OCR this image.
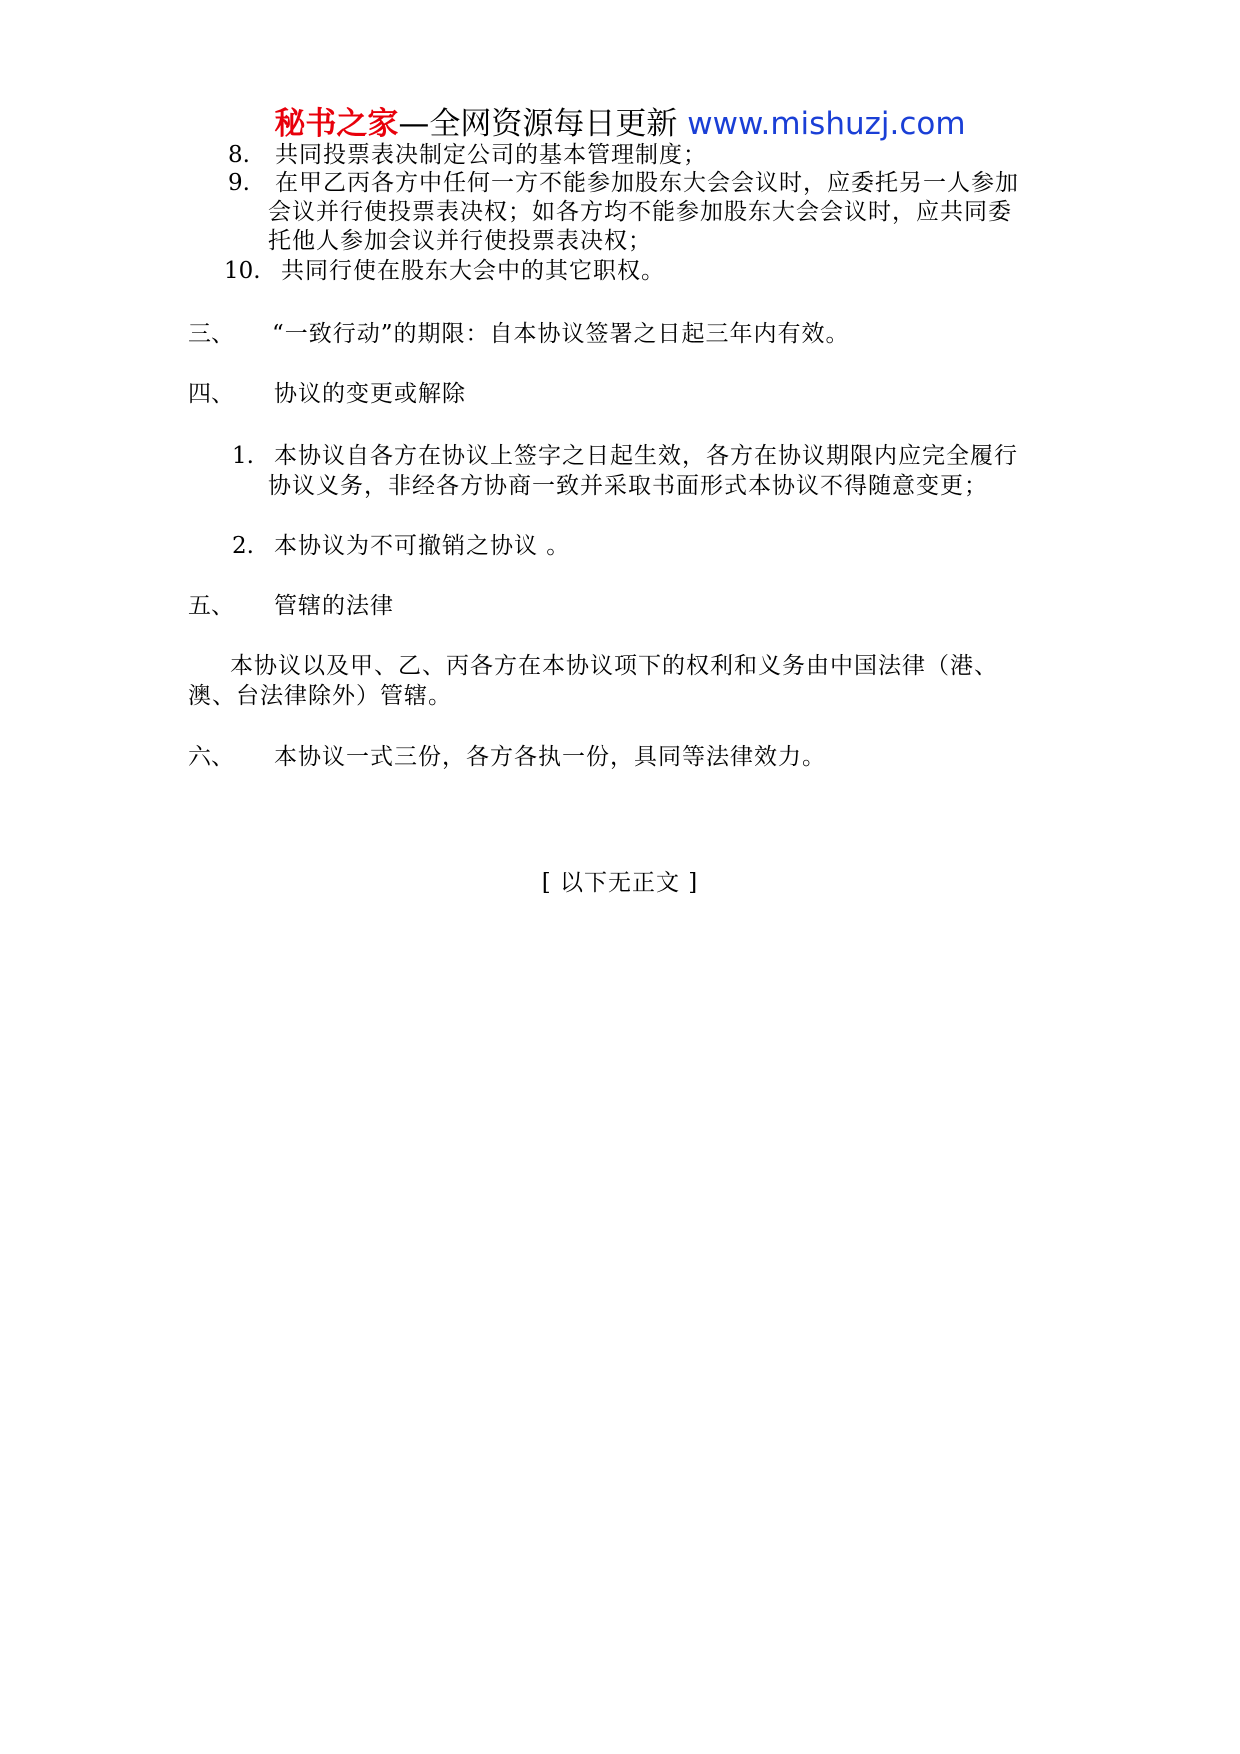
秘书之家—全网资源每日更新 www.mishuzj.com
8. 共同投票表决制定公司的基本管理制度；
9. 在甲乙丙各方中任何一方不能参加股东大会会议时，应委托另一人参加
会议并行使投票表决权；如各方均不能参加股东大会会议时，应共同委
托他人参加会议并行使投票表决权；
10. 共同行使在股东大会中的其它职权。
三、 “一致行动”的期限：自本协议签署之日起三年内有效。
四、 协议的变更或解除
1. 本协议自各方在协议上签字之日起生效，各方在协议期限内应完全履行
协议义务，非经各方协商一致并采取书面形式本协议不得随意变更；
2. 本协议为不可撤销之协议 。
五、 管辖的法律
本协议以及甲、乙、丙各方在本协议项下的权利和义务由中国法律（港、
澳、台法律除外）管辖。
六、 本协议一式三份，各方各执一份，具同等法律效力。
[ 以下无正文 ]
